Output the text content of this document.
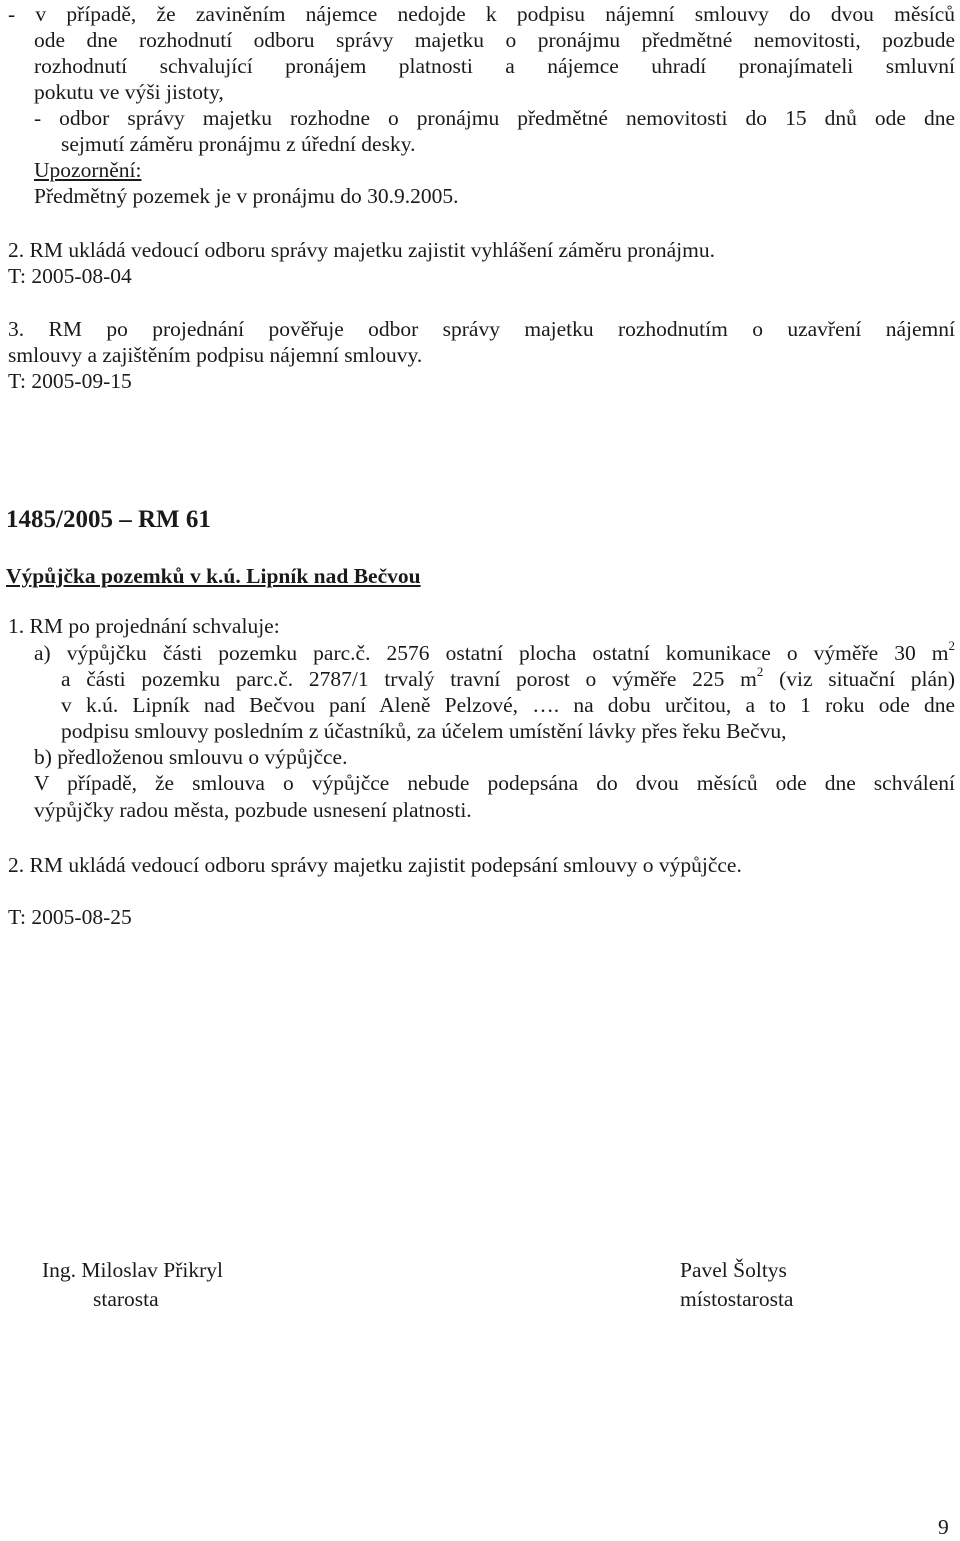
- v případě, že zaviněním nájemce nedojde k podpisu nájemní smlouvy do dvou měsíců
ode dne rozhodnutí odboru správy majetku o pronájmu předmětné nemovitosti, pozbude
rozhodnutí schvalující pronájem platnosti a nájemce uhradí pronajímateli smluvní
pokutu ve výši jistoty,
- odbor správy majetku rozhodne o pronájmu předmětné nemovitosti do 15 dnů ode dne
sejmutí záměru pronájmu z úřední desky.
Upozornění:
Předmětný pozemek je v pronájmu do 30.9.2005.
2. RM ukládá vedoucí odboru správy majetku zajistit vyhlášení záměru pronájmu.
T: 2005-08-04
3. RM po projednání pověřuje odbor správy majetku rozhodnutím o uzavření nájemní
smlouvy a zajištěním podpisu nájemní smlouvy.
T: 2005-09-15
1485/2005 – RM 61
Výpůjčka pozemků v k.ú. Lipník nad Bečvou
1. RM po projednání schvaluje:
a) výpůjčku části pozemku parc.č. 2576 ostatní plocha ostatní komunikace o výměře 30 $m^2$
a části pozemku parc.č. 2787/1 trvalý travní porost o výměře 225 $m^2$ (viz situační plán)
v k.ú. Lipník nad Bečvou paní Aleně Pelzové, …. na dobu určitou, a to 1 roku ode dne
podpisu smlouvy posledním z účastníků, za účelem umístění lávky přes řeku Bečvu,
b) předloženou smlouvu o výpůjčce.
V případě, že smlouva o výpůjčce nebude podepsána do dvou měsíců ode dne schválení
výpůjčky radou města, pozbude usnesení platnosti.
2. RM ukládá vedoucí odboru správy majetku zajistit podepsání smlouvy o výpůjčce.
T: 2005-08-25
Ing. Miloslav Přikryl
starosta
Pavel Šoltys
místostarosta
9
